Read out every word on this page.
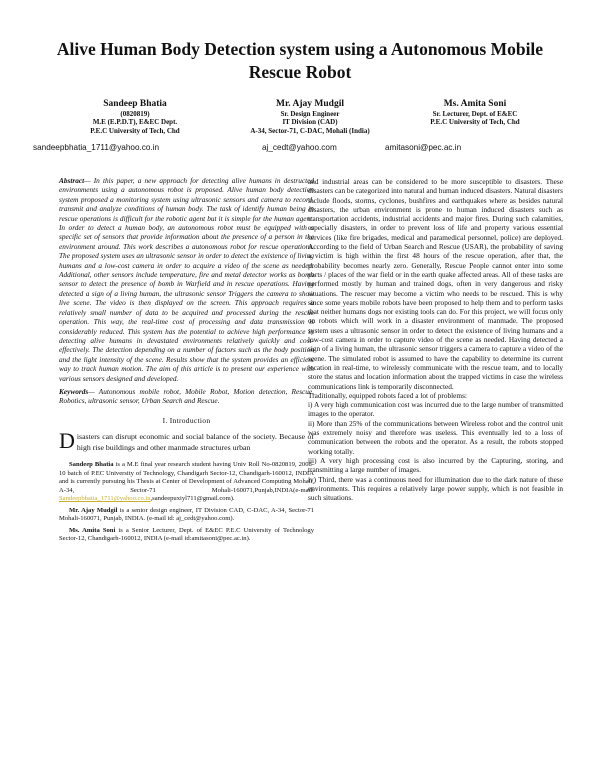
Alive Human Body Detection system using a Autonomous Mobile Rescue Robot
Sandeep Bhatia
(0820819)
M.E (E.P.D.T), E&EC Dept.
P.E.C University of Tech, Chd
Mr. Ajay Mudgil
Sr. Design Engineer
IT Division (CAD)
A-34, Sector-71, C-DAC, Mohali (India)
Ms. Amita Soni
Sr. Lecturer, Dept. of E&EC
P.E.C University of Tech, Chd
sandeepbhatia_1711@yahoo.co.in	aj_cedt@yahoo.com	amitasoni@pec.ac.in
Abstract— In this paper, a new approach for detecting alive humans in destructed environments using a autonomous robot is proposed. Alive human body detection system proposed a monitoring system using ultrasonic sensors and camera to record, transmit and analyze conditions of human body. The task of identify human being in rescue operations is difficult for the robotic agent but it is simple for the human agent. In order to detect a human body, an autonomous robot must be equipped with a specific set of sensors that provide information about the presence of a person in the environment around. This work describes a autonomous robot for rescue operations. The proposed system uses an ultrasonic sensor in order to detect the existence of living humans and a low-cost camera in order to acquire a video of the scene as needed. Additional, other sensors include temperature, fire and metal detector works as bomb sensor to detect the presence of bomb in Warfield and in rescue operations. Having detected a sign of a living human, the ultrasonic sensor Triggers the camera to show live scene. The video is then displayed on the screen. This approach requires a relatively small number of data to be acquired and processed during the rescue operation. This way, the real-time cost of processing and data transmission is considerably reduced. This system has the potential to achieve high performance in detecting alive humans in devastated environments relatively quickly and cost-effectively. The detection depending on a number of factors such as the body position and the light intensity of the scene. Results show that the system provides an efficient way to track human motion. The aim of this article is to present our experience with various sensors designed and developed.
Keywords— Autonomous mobile robot, Mobile Robot, Motion detection, Rescue, Robotics, ultrasonic sensor, Urban Search and Rescue.
I. Introduction
Disasters can disrupt economic and social balance of the society. Because of high rise buildings and other manmade structures urban

Sandeep Bhatia is a M.E final year research student having Univ Roll No-0820819, 2008-10 batch of P.EC University of Technology, Chandigarh Sector-12, Chandigarh-160012, INDIA and is currently pursuing his Thesis at Center of Development of Advanced Computing Mohali, A-34, Sector-71 Mohali-160071,Punjab,INDIA(e-mail: Sandeepbhatia_1711@yahoo.co.in,sandeepuxiyl711@gmail.com).

Mr. Ajay Mudgil is a senior design engineer, IT Division CAD, C-DAC, A-34, Sector-71 Mohali-160071, Punjab, INDIA. (e-mail id: aj_cedt@yahoo.com).

Ms. Amita Soni is a Senior Lecturer, Dept. of E&EC P.E.C University of Technology Sector-12, Chandigarh-160012, INDIA (e-mail id:amitasoni@pec.ac.in).

and industrial areas can be considered to be more susceptible to disasters. These disasters can be categorized into natural and human induced disasters. Natural disasters include floods, storms, cyclones, bushfires and earthquakes where as besides natural disasters, the urban environment is prone to human induced disasters such as transportation accidents, industrial accidents and major fires. During such calamities, especially disasters, in order to prevent loss of life and property various essential services (like fire brigades, medical and paramedical personnel, police) are deployed. According to the field of Urban Search and Rescue (USAR), the probability of saving a victim is high within the first 48 hours of the rescue operation, after that, the probability becomes nearly zero. Generally, Rescue People cannot enter into some parts / places of the war field or in the earth quake affected areas. All of these tasks are performed mostly by human and trained dogs, often in very dangerous and risky situations. The rescuer may become a victim who needs to be rescued. This is why since some years mobile robots have been proposed to help them and to perform tasks that neither humans dogs nor existing tools can do. For this project, we will focus only on robots which will work in a disaster environment of manmade. The proposed system uses a ultrasonic sensor in order to detect the existence of living humans and a low-cost camera in order to capture video of the scene as needed. Having detected a sign of a living human, the ultrasonic sensor triggers a camera to capture a video of the scene. The simulated robot is assumed to have the capability to determine its current location in real-time, to wirelessly communicate with the rescue team, and to locally store the status and location information about the trapped victims in case the wireless communications link is temporarily disconnected.

Traditionally, equipped robots faced a lot of problems:

i) A very high communication cost was incurred due to the large number of transmitted images to the operator.

ii) More than 25% of the communications between Wireless robot and the control unit was extremely noisy and therefore was useless. This eventually led to a loss of communication between the robots and the operator. As a result, the robots stopped working totally.

iii) A very high processing cost is also incurred by the Capturing, storing, and transmitting a large number of images.

iv) Third, there was a continuous need for illumination due to the dark nature of these environments. This requires a relatively large power supply, which is not feasible in such situations.
